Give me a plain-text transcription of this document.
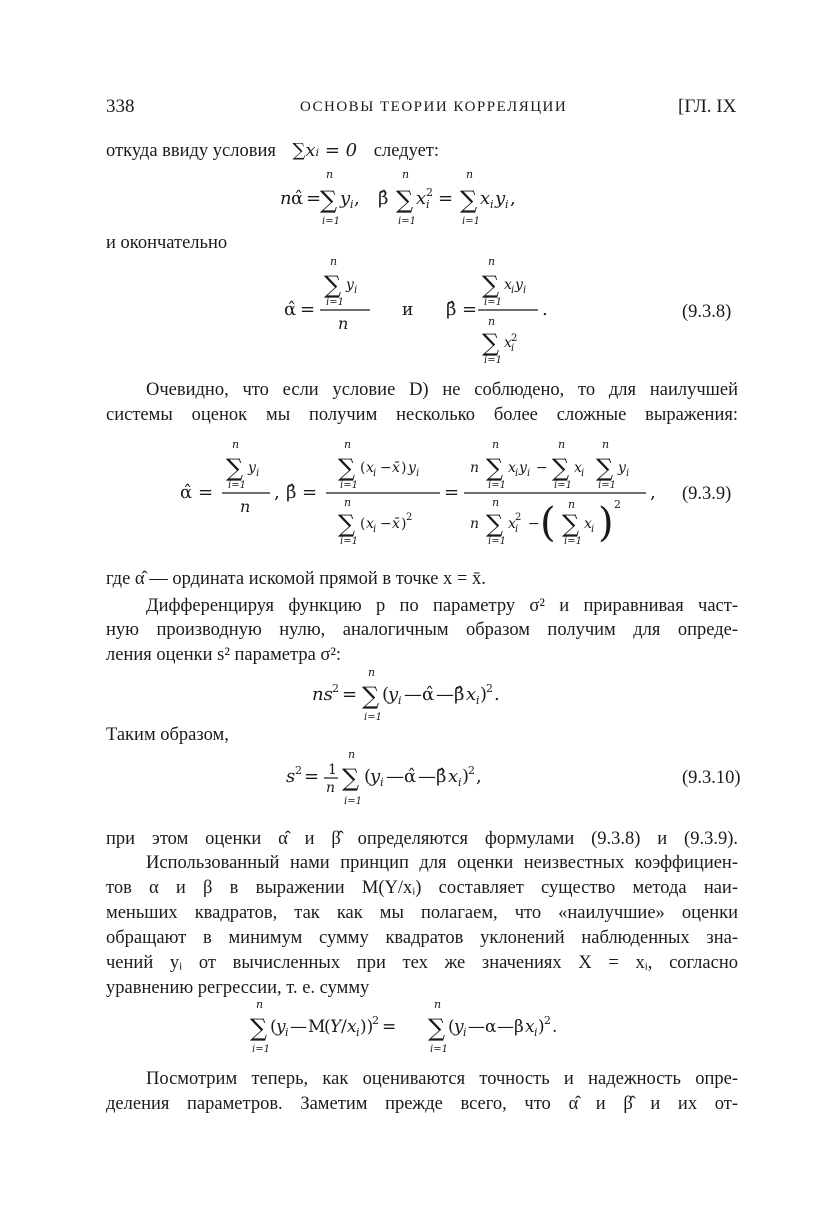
338	ОСНОВЫ ТЕОРИИ КОРРЕЛЯЦИИ	[ГЛ. IX
откуда ввиду условия ∑xᵢ = 0 следует:
n α̂ =
n
∑ y i ,
i=1
β̂
n
∑
i=1
x i
2 =
n
∑
i=1
x i y i ,
и окончательно
α̂ =
n
∑ y i
i=1
n
и β̂ =
n
∑ x i y i
i=1 .
n
∑ x i
2
i=1
(9.3.8)
Очевидно, что если условие D) не соблюдено, то для наилучшей
системы оценок мы получим несколько более сложные выражения:
α̂ =
n
∑ y i
i=1
n
, β̂ =
n
∑ ( x i − x̄ ) y i
i=1
n
∑ ( x i − x̄ ) 2
i=1
=
n
n
∑
i=1
x i y i −
n
∑
i=1
x i
n
∑
i=1
y i
n
n
∑
i=1
x i
2 − ( n
∑
i=1
x i ) 2
, (9.3.9)
где α̂ — ордината искомой прямой в точке x = x̄.
Дифференцируя функцию p по параметру σ² и приравнивая част-
ную производную нулю, аналогичным образом получим для опреде-
ления оценки s² параметра σ²:
ns 2 =
n
∑
i=1
(
y i — α̂ — β̂ x i )
2 .
Таким образом,
s 2 = 1
n
n
∑
i=1
(
y i — α̂ — β̂ x i )
2 ,	(9.3.10)
при этом оценки α̂ и β̂ определяются формулами (9.3.8) и (9.3.9).
Использованный нами принцип для оценки неизвестных коэффициен-
тов α и β в выражении M(Y/xᵢ) составляет существо метода наи-
меньших квадратов, так как мы полагаем, что «наилучшие» оценки
обращают в минимум сумму квадратов уклонений наблюденных зна-
чений yᵢ от вычисленных при тех же значениях X = xᵢ, согласно
уравнению регрессии, т. е. сумму
n
∑
i=1
( y i — M
( Y / x i ))
2 =
n
∑
i=1
( y i — α — β x i ) 2 .
Посмотрим теперь, как оцениваются точность и надежность опре-
деления параметров. Заметим прежде всего, что α̂ и β̂ и их от-
